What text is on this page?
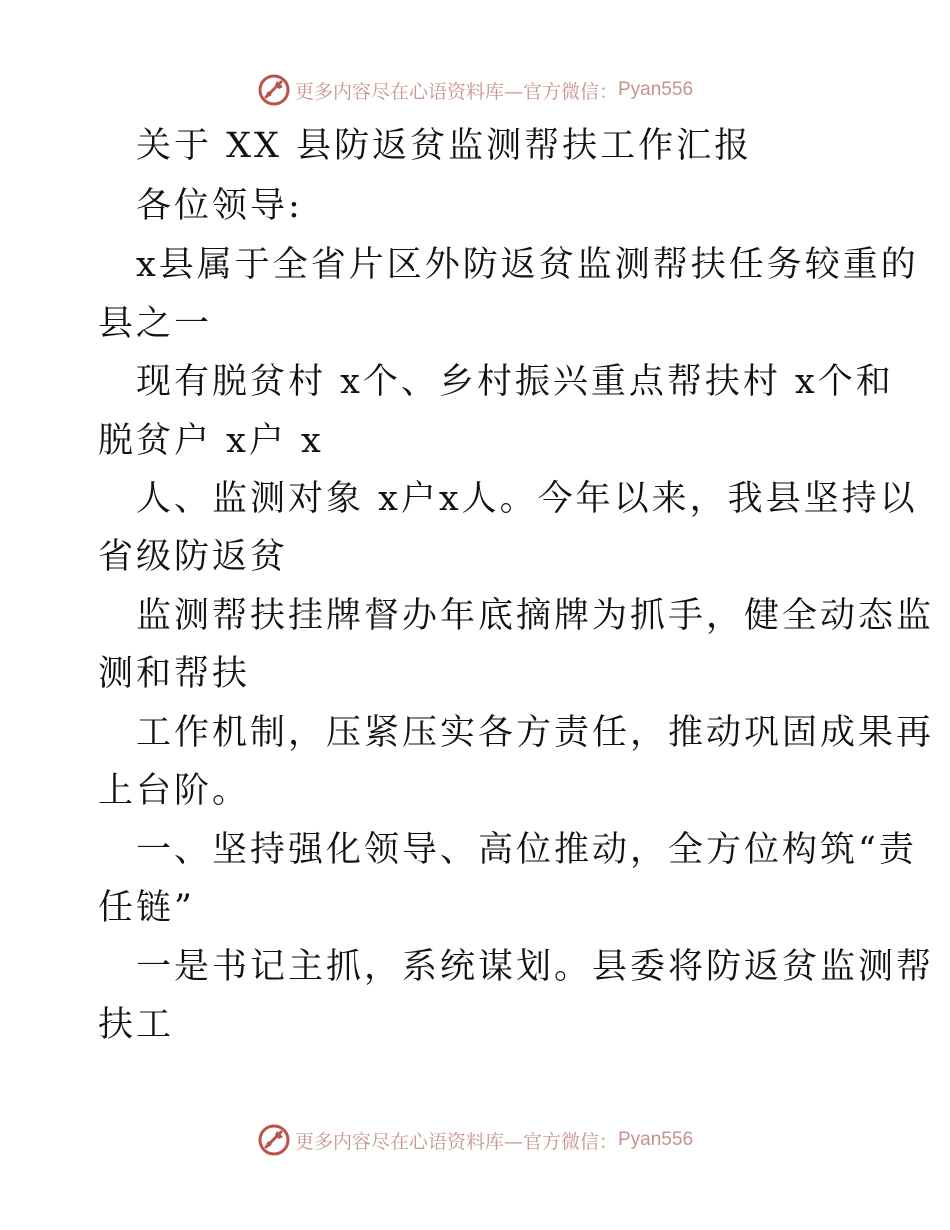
更多内容尽在心语资料库—官方微信： Pyan556
关于 XX 县防返贫监测帮扶工作汇报
各位领导:
x县属于全省片区外防返贫监测帮扶任务较重的
县之一
现有脱贫村 x个、乡村振兴重点帮扶村 x个和
脱贫户 x户 x
人、监测对象 x户x人。今年以来，我县坚持以
省级防返贫
监测帮扶挂牌督办年底摘牌为抓手，健全动态监
测和帮扶
工作机制，压紧压实各方责任，推动巩固成果再
上台阶。
一、坚持强化领导、高位推动，全方位构筑“责
任链”
一是书记主抓，系统谋划。县委将防返贫监测帮
扶工
更多内容尽在心语资料库—官方微信： Pyan556
